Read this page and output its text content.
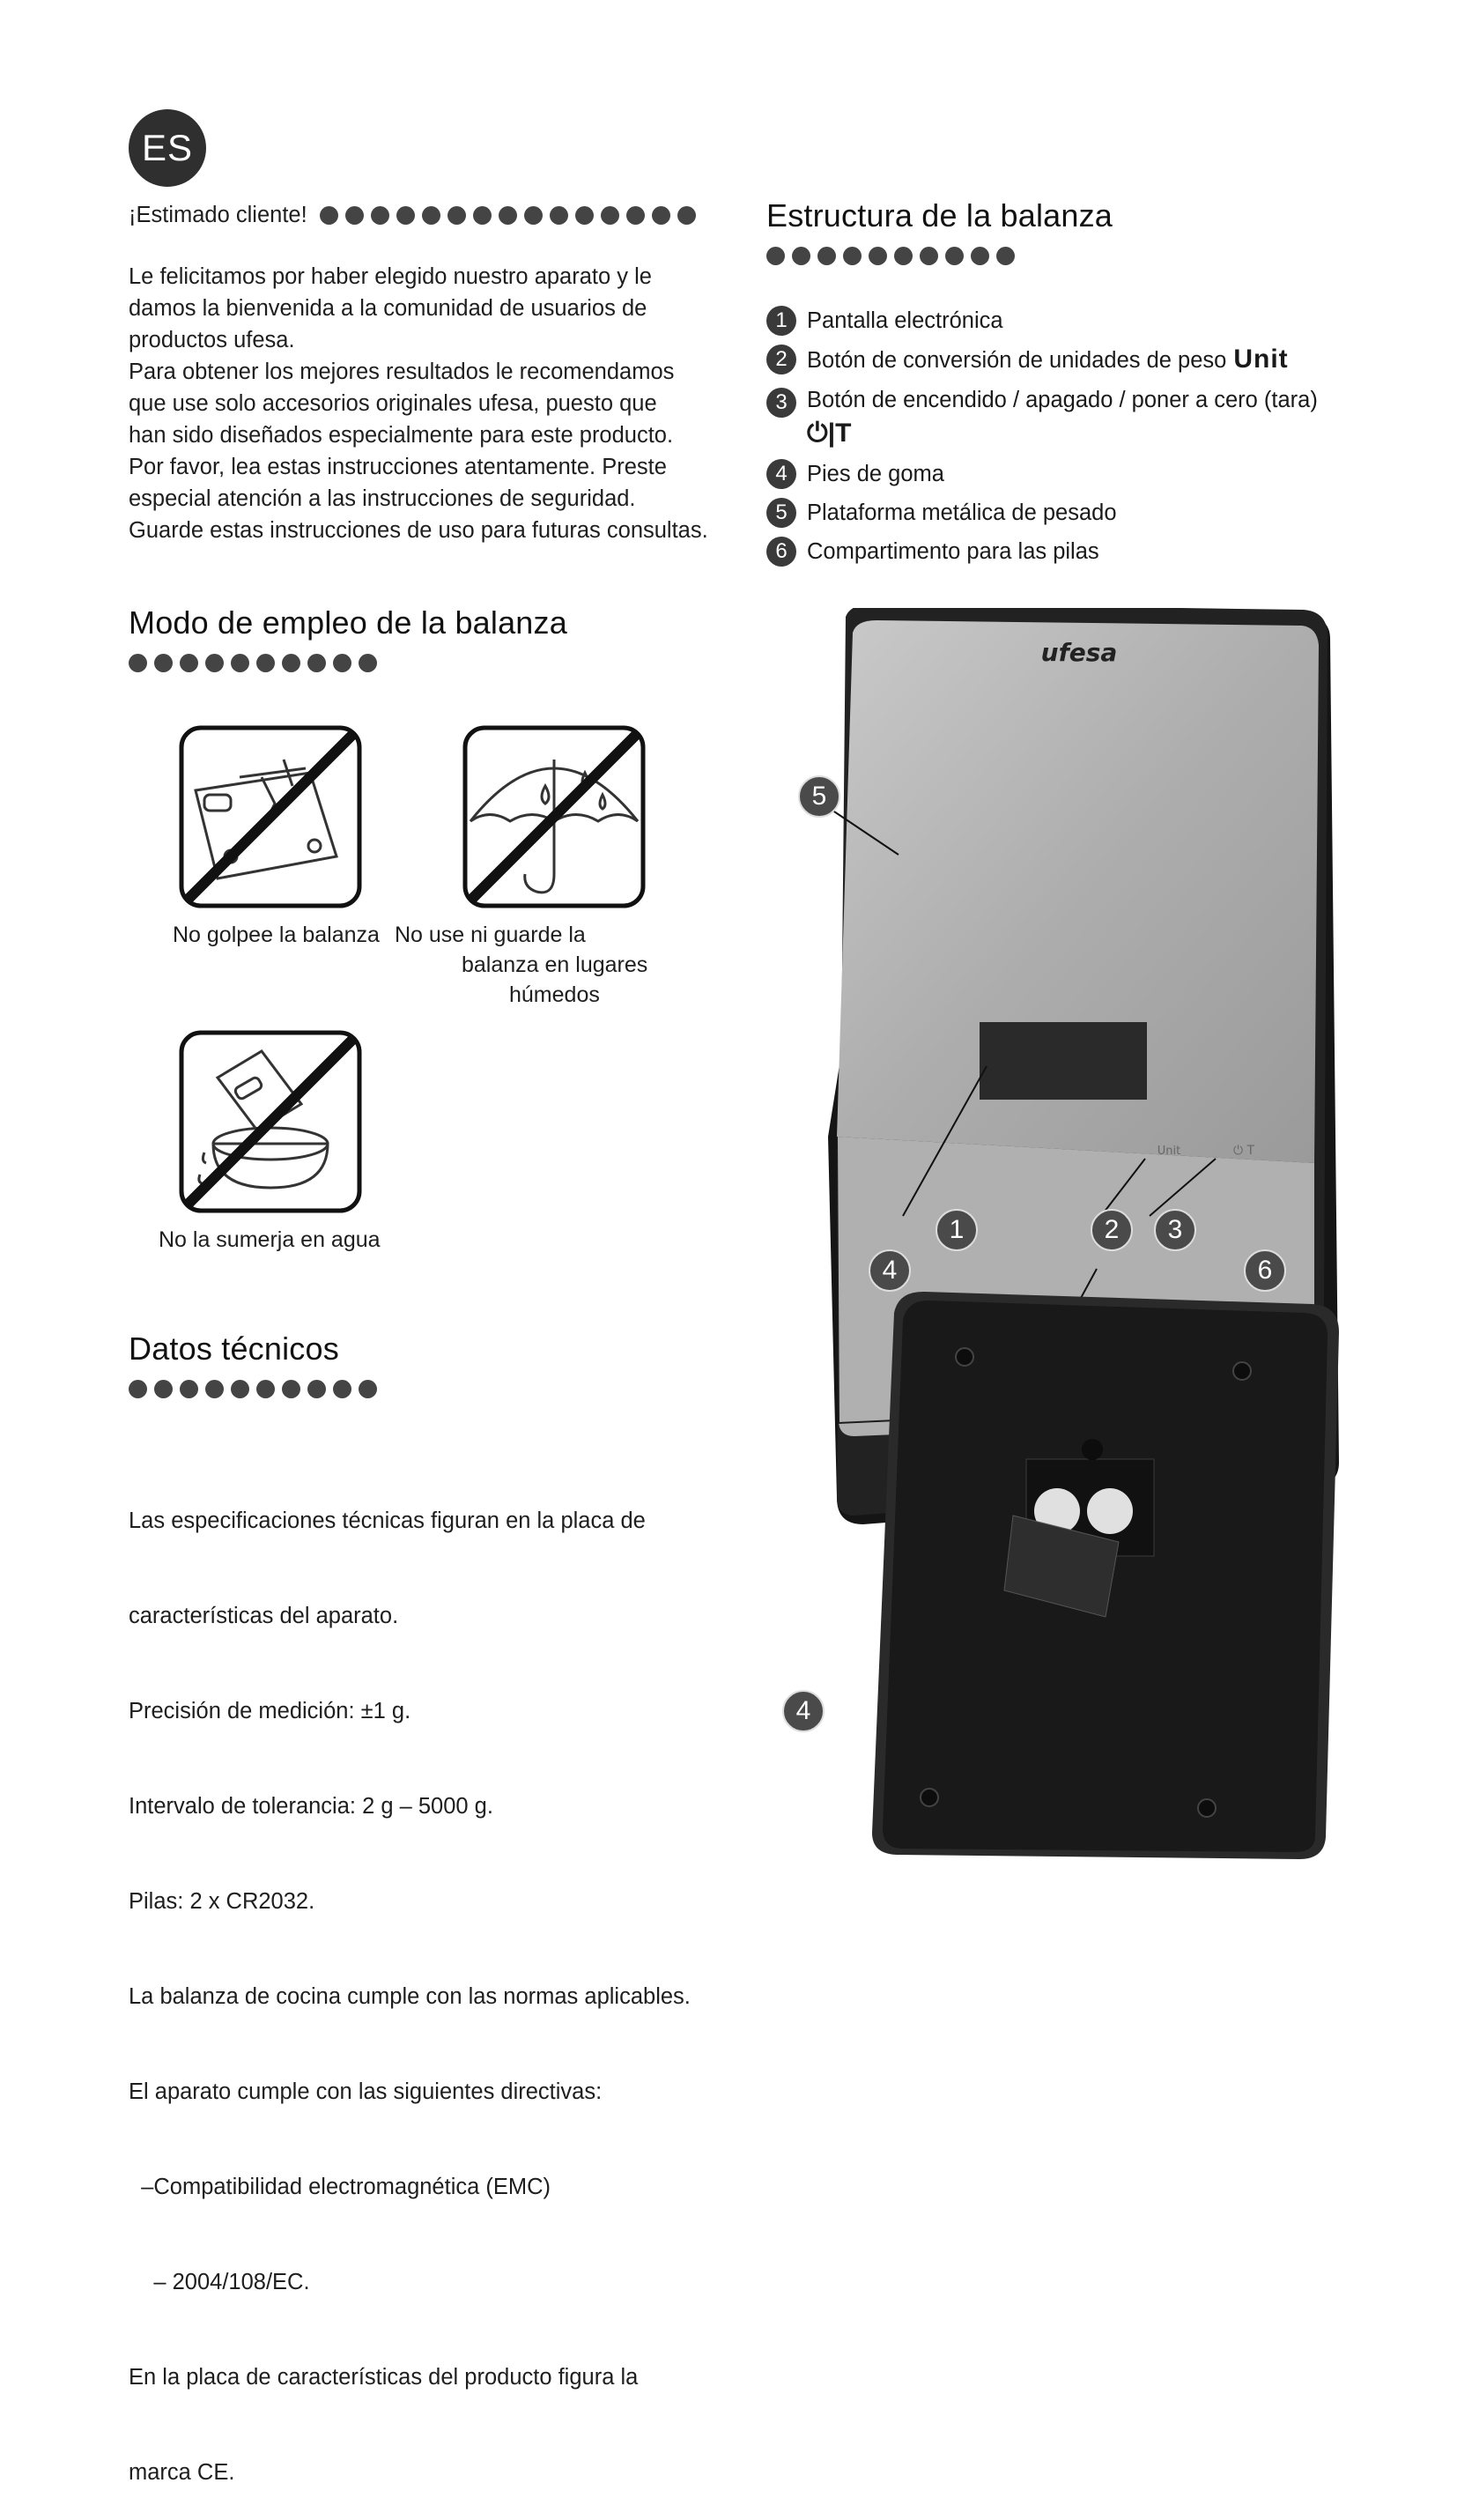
ES
¡Estimado cliente!

Le felicitamos por haber elegido nuestro aparato y le

damos la bienvenida a la comunidad de usuarios de

productos ufesa.

Para obtener los mejores resultados le recomendamos

que use solo accesorios originales ufesa, puesto que

han sido diseñados especialmente para este producto.

Por favor, lea estas instrucciones atentamente. Preste

especial atención a las instrucciones de seguridad.

Guarde estas instrucciones de uso para futuras consultas.

Modo de empleo de la balanza
No golpee la balanza No use ni guarde la
balanza en lugares
húmedos
No la sumerja en agua
Datos técnicos

Las especificaciones técnicas figuran en la placa de

características del aparato.

Precisión de medición: ±1 g.

Intervalo de tolerancia: 2 g – 5000 g.

Pilas: 2 x CR2032.

La balanza de cocina cumple con las normas aplicables.

El aparato cumple con las siguientes directivas:

–Compatibilidad electromagnética (EMC)

– 2004/108/EC.

En la placa de características del producto figura la

marca CE.

Estructura de la balanza
1 Pantalla electrónica
2 Botón de conversión de unidades de peso Unit
3 Botón de encendido / apagado / poner a cero (tara)
⏻|T
4 Pies de goma
5 Plataforma metálica de pesado
6 Compartimento para las pilas
ufesa
Unit	⏻ T
5
1	2	3
4	6
4
